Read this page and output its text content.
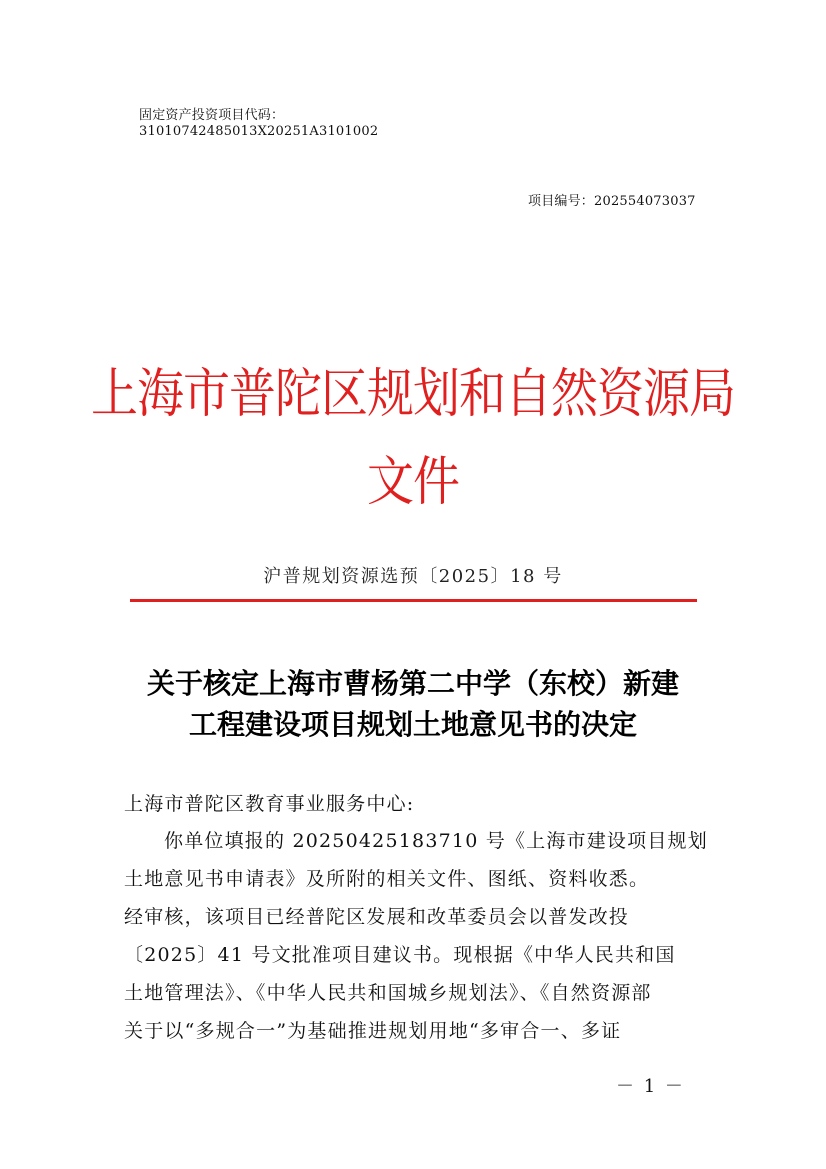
固定资产投资项目代码：
31010742485013X20251A3101002
项目编号：202554073037
上海市普陀区规划和自然资源局
文件
沪普规划资源选预〔2025〕18 号
关于核定上海市曹杨第二中学（东校）新建
工程建设项目规划土地意见书的决定
上海市普陀区教育事业服务中心:
你单位填报的 20250425183710 号《上海市建设项目规划
土地意见书申请表》及所附的相关文件、图纸、资料收悉。
经审核，该项目已经普陀区发展和改革委员会以普发改投
〔2025〕41 号文批准项目建议书。现根据《中华人民共和国
土地管理法》、《中华人民共和国城乡规划法》、《自然资源部
关于以“多规合一”为基础推进规划用地“多审合一、多证
－ 1 －
